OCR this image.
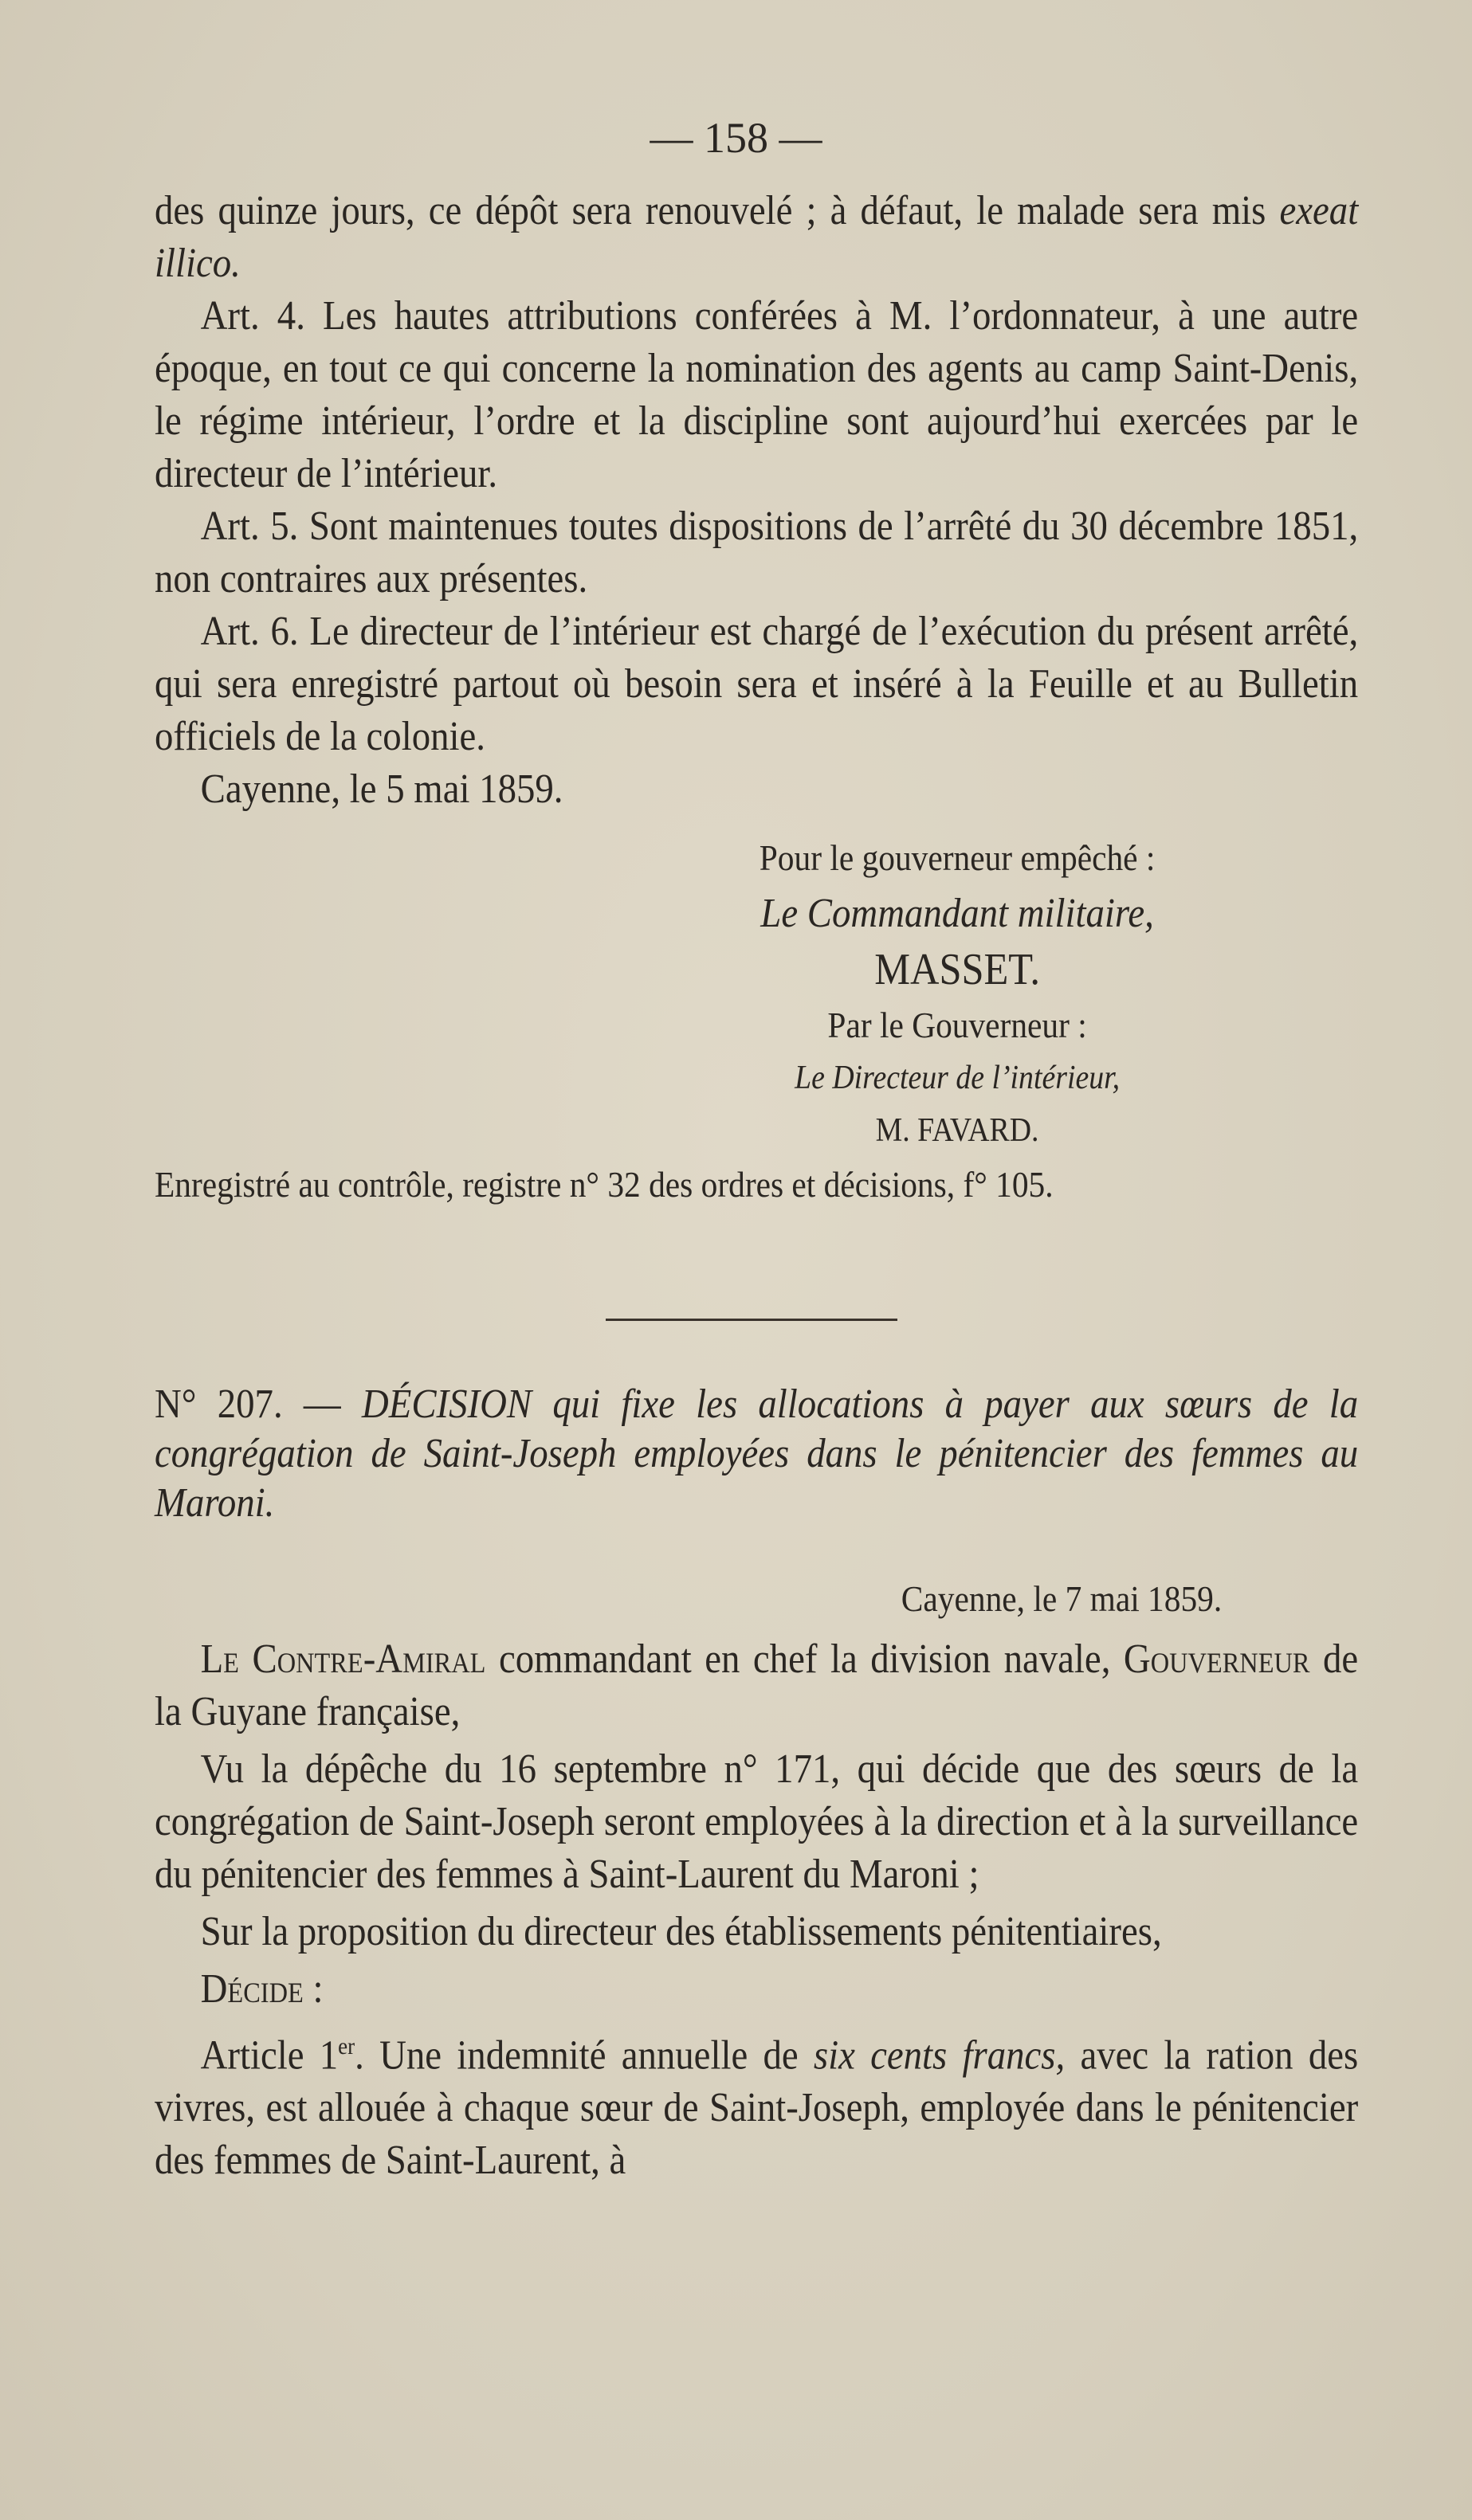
— 158 —

des quinze jours, ce dépôt sera renouvelé ; à défaut, le malade sera mis exeat illico.

Art. 4. Les hautes attributions conférées à M. l’ordonnateur, à une autre époque, en tout ce qui concerne la nomination des agents au camp Saint-Denis, le régime intérieur, l’ordre et la discipline sont aujourd’hui exercées par le directeur de l’intérieur.

Art. 5. Sont maintenues toutes dispositions de l’arrêté du 30 décembre 1851, non contraires aux présentes.

Art. 6. Le directeur de l’intérieur est chargé de l’exécution du présent arrêté, qui sera enregistré partout où besoin sera et inséré à la Feuille et au Bulletin officiels de la colonie.

Cayenne, le 5 mai 1859.

Pour le gouverneur empêché :

Le Commandant militaire,

MASSET.

Par le Gouverneur :

Le Directeur de l’intérieur,

M. FAVARD.

Enregistré au contrôle, registre n° 32 des ordres et décisions, f° 105.

N° 207. — DÉCISION qui fixe les allocations à payer aux sœurs de la congrégation de Saint-Joseph employées dans le pénitencier des femmes au Maroni.

Cayenne, le 7 mai 1859.

Le Contre-Amiral commandant en chef la division navale, Gouverneur de la Guyane française,

Vu la dépêche du 16 septembre n° 171, qui décide que des sœurs de la congrégation de Saint-Joseph seront employées à la direction et à la surveillance du pénitencier des femmes à Saint-Laurent du Maroni ;

Sur la proposition du directeur des établissements pénitentiaires,

Décide :

Article 1er. Une indemnité annuelle de six cents francs, avec la ration des vivres, est allouée à chaque sœur de Saint-Joseph, employée dans le pénitencier des femmes de Saint-Laurent, à
